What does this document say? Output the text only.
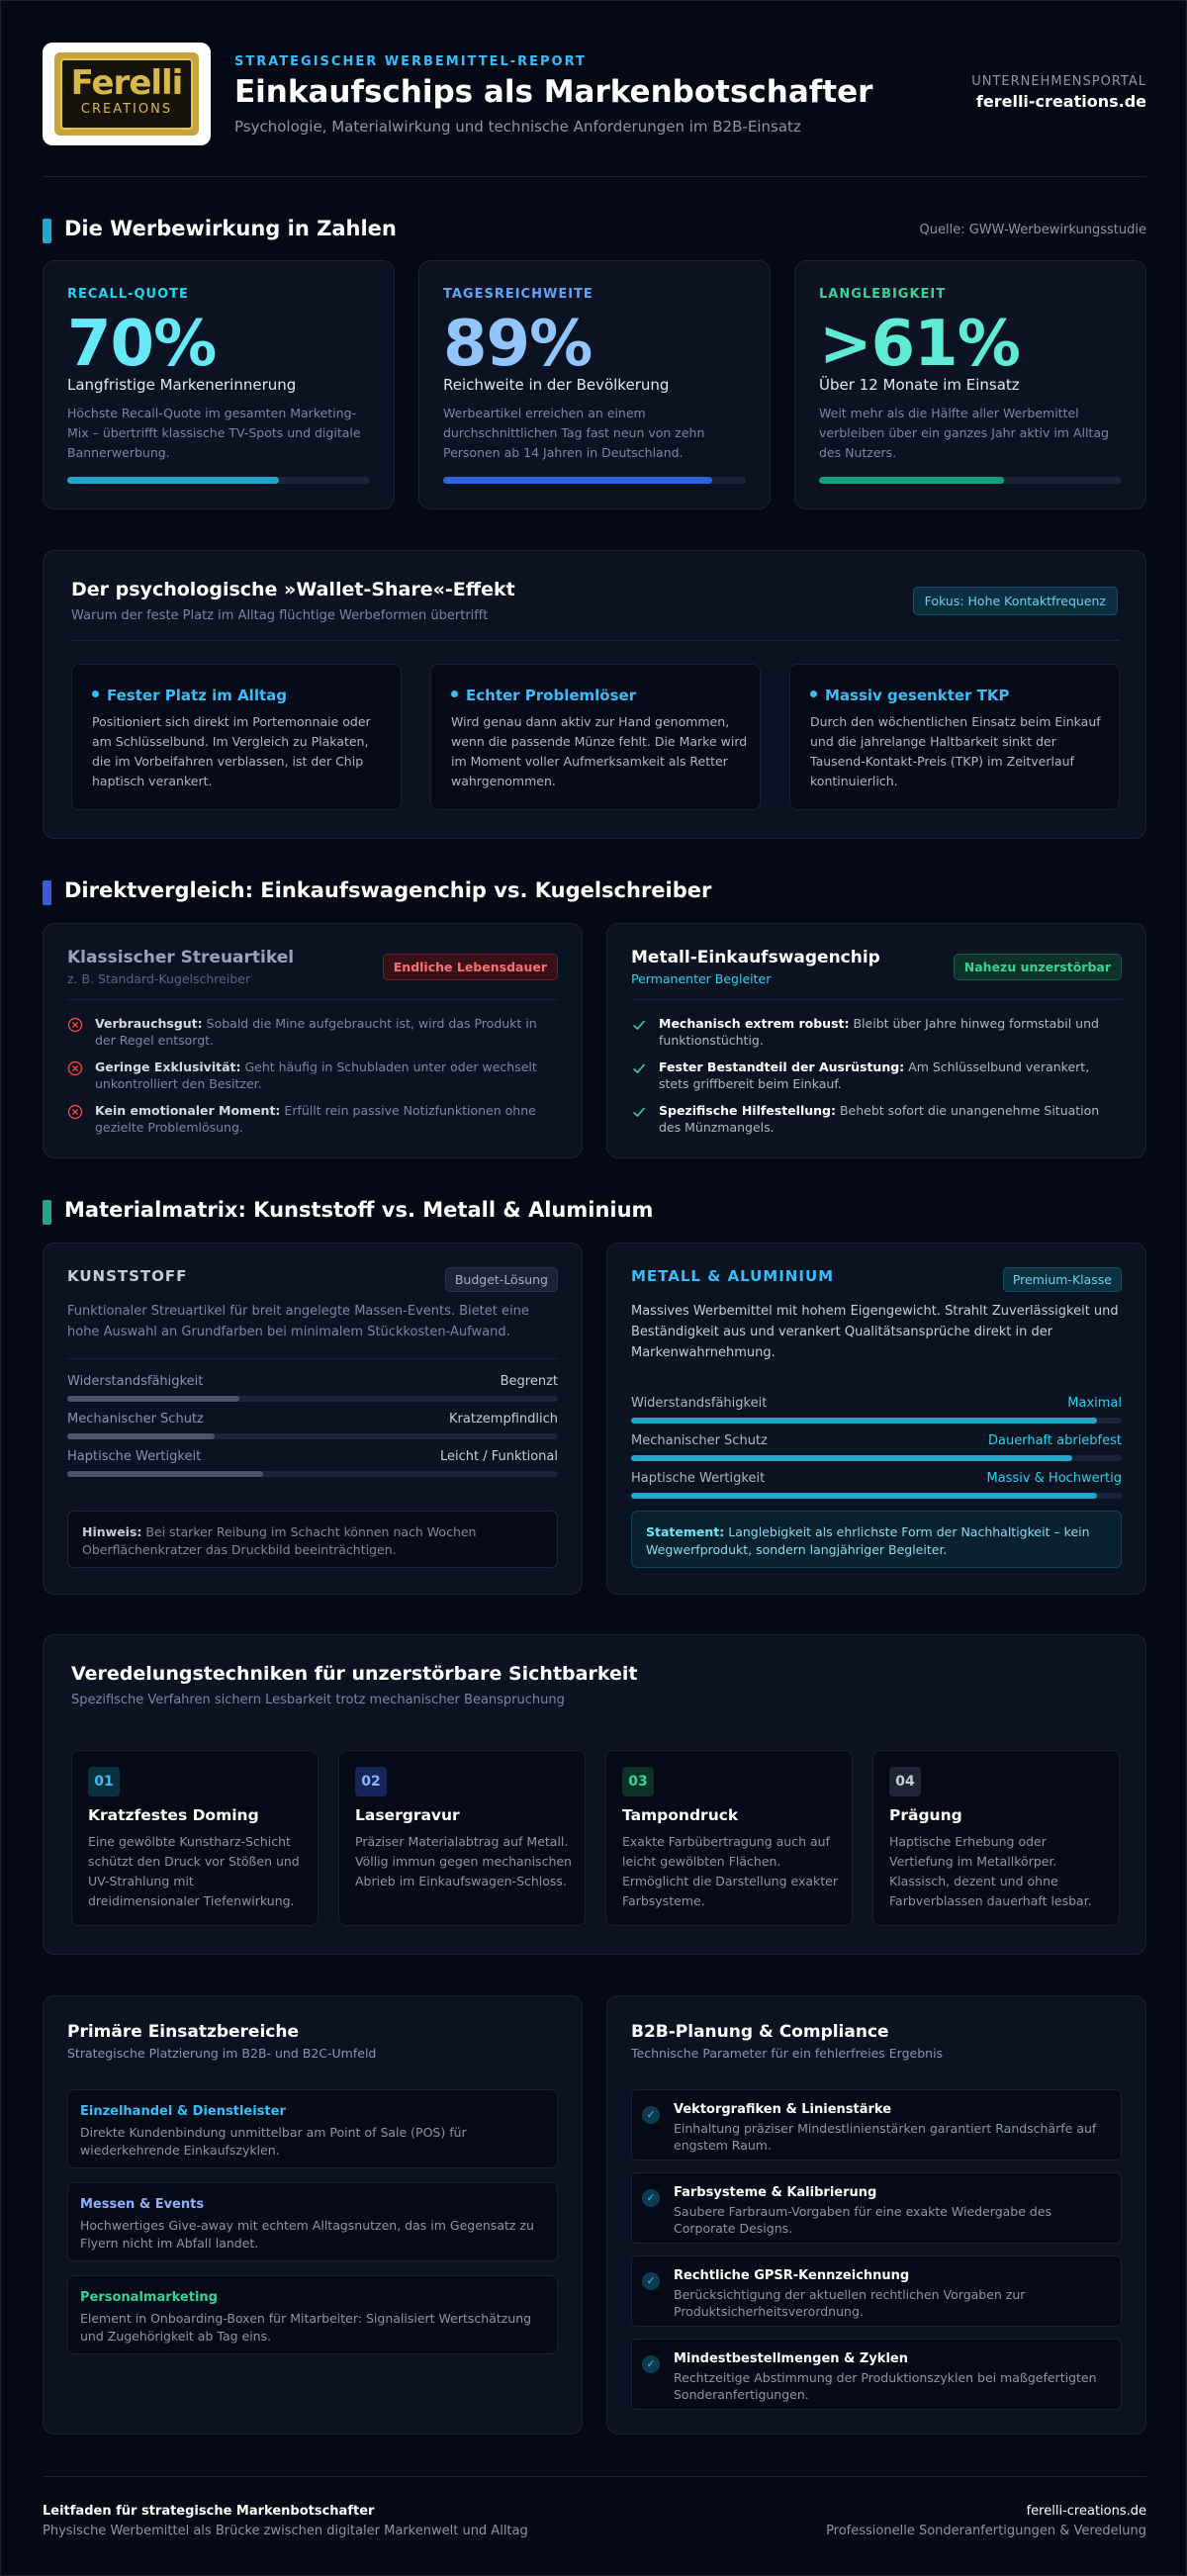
Ferelli
CREATIONS
STRATEGISCHER WERBEMITTEL-REPORT
Einkaufschips als Markenbotschafter
Psychologie, Materialwirkung und technische Anforderungen im B2B-Einsatz
UNTERNEHMENSPORTAL
ferelli-creations.de
Die Werbewirkung in Zahlen	Quelle: GWW-Werbewirkungsstudie
RECALL-QUOTE
70%
Langfristige Markenerinnerung
Höchste Recall-Quote im gesamten Marketing-Mix – übertrifft klassische TV-Spots und digitale Bannerwerbung.
TAGESREICHWEITE
89%
Reichweite in der Bevölkerung
Werbeartikel erreichen an einem durchschnittlichen Tag fast neun von zehn Personen ab 14 Jahren in Deutschland.
LANGLEBIGKEIT
>61%
Über 12 Monate im Einsatz
Weit mehr als die Hälfte aller Werbemittel verbleiben über ein ganzes Jahr aktiv im Alltag des Nutzers.
Der psychologische »Wallet-Share«-Effekt
Warum der feste Platz im Alltag flüchtige Werbeformen übertrifft
Fokus: Hohe Kontaktfrequenz
Fester Platz im Alltag
Positioniert sich direkt im Portemonnaie oder am Schlüsselbund. Im Vergleich zu Plakaten, die im Vorbeifahren verblassen, ist der Chip haptisch verankert.
Echter Problemlöser
Wird genau dann aktiv zur Hand genommen, wenn die passende Münze fehlt. Die Marke wird im Moment voller Aufmerksamkeit als Retter wahrgenommen.
Massiv gesenkter TKP
Durch den wöchentlichen Einsatz beim Einkauf und die jahrelange Haltbarkeit sinkt der Tausend-Kontakt-Preis (TKP) im Zeitverlauf kontinuierlich.
Direktvergleich: Einkaufswagenchip vs. Kugelschreiber
Klassischer Streuartikel
z. B. Standard-Kugelschreiber
Endliche Lebensdauer
Verbrauchsgut: Sobald die Mine aufgebraucht ist, wird das Produkt in der Regel entsorgt.
Geringe Exklusivität: Geht häufig in Schubladen unter oder wechselt unkontrolliert den Besitzer.
Kein emotionaler Moment: Erfüllt rein passive Notizfunktionen ohne gezielte Problemlösung.
Metall-Einkaufswagenchip
Permanenter Begleiter
Nahezu unzerstörbar
Mechanisch extrem robust: Bleibt über Jahre hinweg formstabil und funktionstüchtig.
Fester Bestandteil der Ausrüstung: Am Schlüsselbund verankert, stets griffbereit beim Einkauf.
Spezifische Hilfestellung: Behebt sofort die unangenehme Situation des Münzmangels.
Materialmatrix: Kunststoff vs. Metall & Aluminium
KUNSTSTOFF	Budget-Lösung
Funktionaler Streuartikel für breit angelegte Massen-Events. Bietet eine hohe Auswahl an Grundfarben bei minimalem Stückkosten-Aufwand.
Widerstandsfähigkeit	Begrenzt
Mechanischer Schutz	Kratzempfindlich
Haptische Wertigkeit	Leicht / Funktional
Hinweis: Bei starker Reibung im Schacht können nach Wochen Oberflächenkratzer das Druckbild beeinträchtigen.
METALL & ALUMINIUM	Premium-Klasse
Massives Werbemittel mit hohem Eigengewicht. Strahlt Zuverlässigkeit und Beständigkeit aus und verankert Qualitätsansprüche direkt in der Markenwahrnehmung.
Widerstandsfähigkeit	Maximal
Mechanischer Schutz	Dauerhaft abriebfest
Haptische Wertigkeit	Massiv & Hochwertig
Statement: Langlebigkeit als ehrlichste Form der Nachhaltigkeit – kein Wegwerfprodukt, sondern langjähriger Begleiter.
Veredelungstechniken für unzerstörbare Sichtbarkeit
Spezifische Verfahren sichern Lesbarkeit trotz mechanischer Beanspruchung
01
Kratzfestes Doming
Eine gewölbte Kunstharz-Schicht schützt den Druck vor Stößen und UV-Strahlung mit dreidimensionaler Tiefenwirkung.
02
Lasergravur
Präziser Materialabtrag auf Metall. Völlig immun gegen mechanischen Abrieb im Einkaufswagen-Schloss.
03
Tampondruck
Exakte Farbübertragung auch auf leicht gewölbten Flächen. Ermöglicht die Darstellung exakter Farbsysteme.
04
Prägung
Haptische Erhebung oder Vertiefung im Metallkörper. Klassisch, dezent und ohne Farbverblassen dauerhaft lesbar.
Primäre Einsatzbereiche
Strategische Platzierung im B2B- und B2C-Umfeld
Einzelhandel & Dienstleister
Direkte Kundenbindung unmittelbar am Point of Sale (POS) für wiederkehrende Einkaufszyklen.
Messen & Events
Hochwertiges Give-away mit echtem Alltagsnutzen, das im Gegensatz zu Flyern nicht im Abfall landet.
Personalmarketing
Element in Onboarding-Boxen für Mitarbeiter: Signalisiert Wertschätzung und Zugehörigkeit ab Tag eins.
B2B-Planung & Compliance
Technische Parameter für ein fehlerfreies Ergebnis
✓	Vektorgrafiken & Linienstärke
Einhaltung präziser Mindestlinienstärken garantiert Randschärfe auf engstem Raum.
✓	Farbsysteme & Kalibrierung
Saubere Farbraum-Vorgaben für eine exakte Wiedergabe des Corporate Designs.
✓	Rechtliche GPSR-Kennzeichnung
Berücksichtigung der aktuellen rechtlichen Vorgaben zur Produktsicherheitsverordnung.
✓	Mindestbestellmengen & Zyklen
Rechtzeitige Abstimmung der Produktionszyklen bei maßgefertigten Sonderanfertigungen.
Leitfaden für strategische Markenbotschafter
Physische Werbemittel als Brücke zwischen digitaler Markenwelt und Alltag
ferelli-creations.de
Professionelle Sonderanfertigungen & Veredelung
